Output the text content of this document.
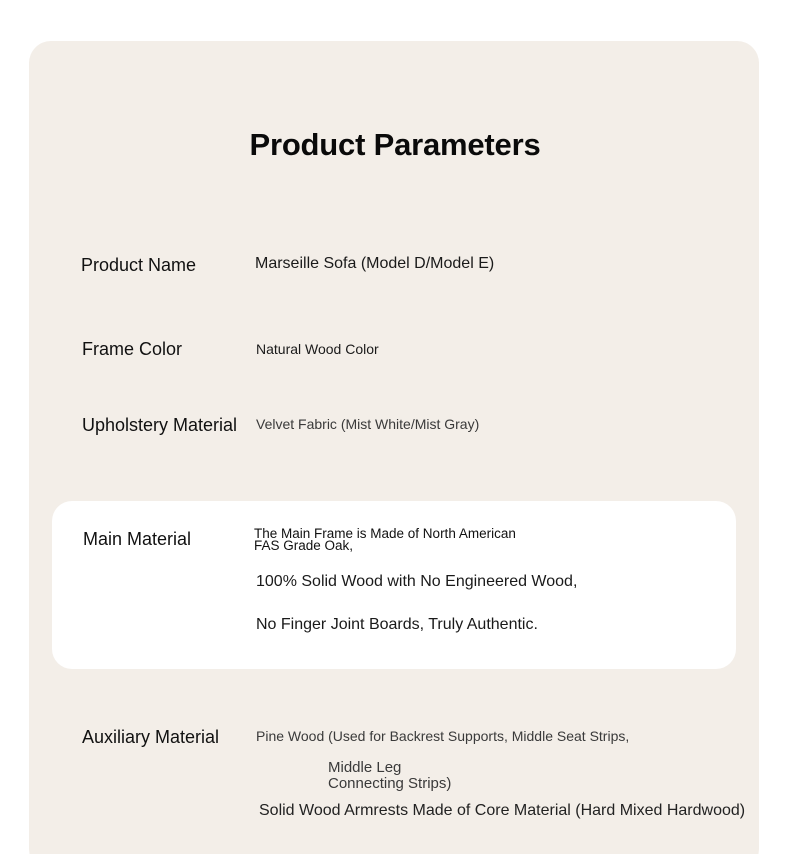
Product Parameters
Product Name	Marseille Sofa (Model D/Model E)
Frame Color	Natural Wood Color
Upholstery Material Velvet Fabric (Mist White/Mist Gray)
Main Material	The Main Frame is Made of North American
FAS Grade Oak,
100% Solid Wood with No Engineered Wood,
No Finger Joint Boards, Truly Authentic.
Auxiliary Material	Pine Wood (Used for Backrest Supports, Middle Seat Strips,
Middle Leg
Connecting Strips)
Solid Wood Armrests Made of Core Material (Hard Mixed Hardwood)
